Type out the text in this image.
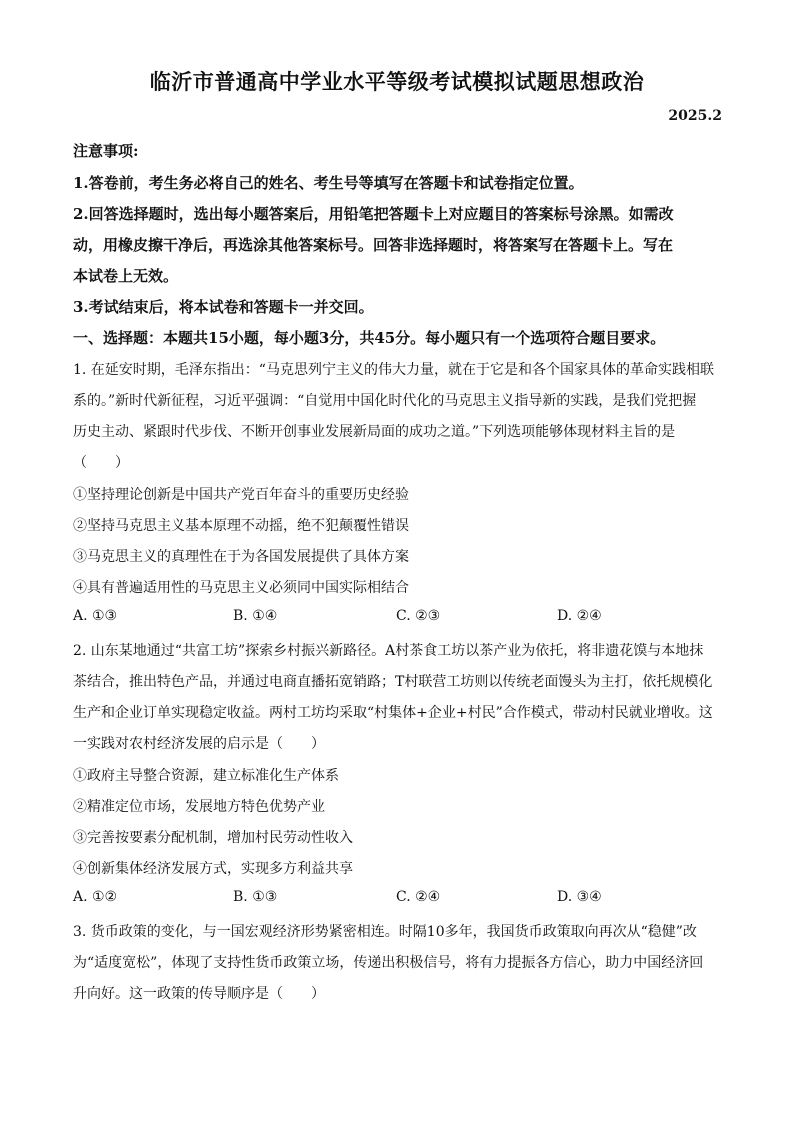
临沂市普通高中学业水平等级考试模拟试题思想政治
2025.2
注意事项:
1.答卷前，考生务必将自己的姓名、考生号等填写在答题卡和试卷指定位置。
2.回答选择题时，选出每小题答案后，用铅笔把答题卡上对应题目的答案标号涂黑。如需改
动，用橡皮擦干净后，再选涂其他答案标号。回答非选择题时，将答案写在答题卡上。写在
本试卷上无效。
3.考试结束后，将本试卷和答题卡一并交回。
一、选择题：本题共15小题，每小题3分，共45分。每小题只有一个选项符合题目要求。
1. 在延安时期，毛泽东指出：“马克思列宁主义的伟大力量，就在于它是和各个国家具体的革命实践相联
系的。”新时代新征程，习近平强调：“自觉用中国化时代化的马克思主义指导新的实践，是我们党把握
历史主动、紧跟时代步伐、不断开创事业发展新局面的成功之道。”下列选项能够体现材料主旨的是
（　　）
①坚持理论创新是中国共产党百年奋斗的重要历史经验
②坚持马克思主义基本原理不动摇，绝不犯颠覆性错误
③马克思主义的真理性在于为各国发展提供了具体方案
④具有普遍适用性的马克思主义必须同中国实际相结合
A. ①③	B. ①④	C. ②③	D. ②④
2. 山东某地通过“共富工坊”探索乡村振兴新路径。A村茶食工坊以茶产业为依托，将非遗花馍与本地抹
茶结合，推出特色产品，并通过电商直播拓宽销路；T村联营工坊则以传统老面馒头为主打，依托规模化
生产和企业订单实现稳定收益。两村工坊均采取“村集体+企业+村民”合作模式，带动村民就业增收。这
一实践对农村经济发展的启示是（　　）
①政府主导整合资源，建立标准化生产体系
②精准定位市场，发展地方特色优势产业
③完善按要素分配机制，增加村民劳动性收入
④创新集体经济发展方式，实现多方利益共享
A. ①②	B. ①③	C. ②④	D. ③④
3. 货币政策的变化，与一国宏观经济形势紧密相连。时隔10多年，我国货币政策取向再次从“稳健”改
为“适度宽松”，体现了支持性货币政策立场，传递出积极信号，将有力提振各方信心，助力中国经济回
升向好。这一政策的传导顺序是（　　）
